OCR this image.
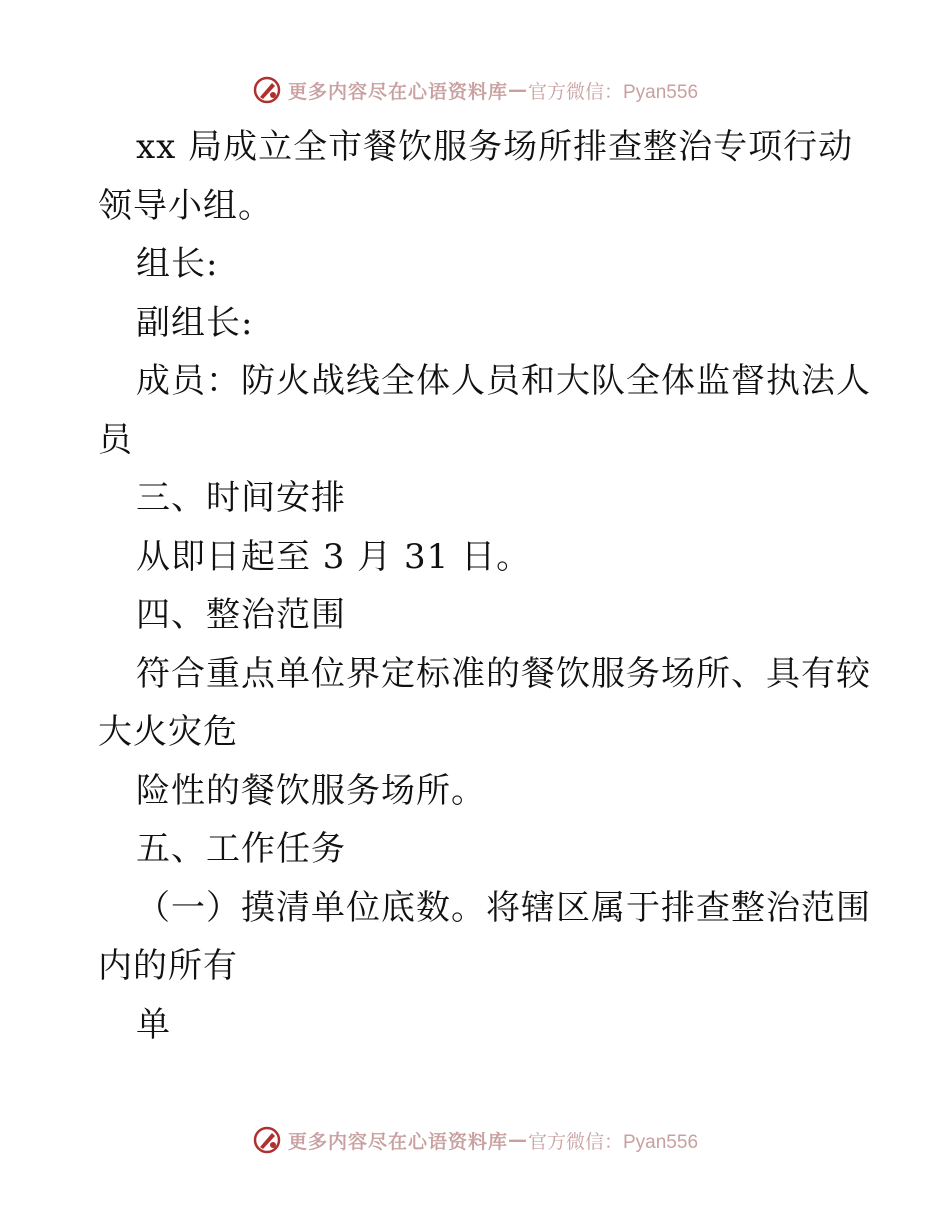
更多内容尽在心语资料库 — 官方微信：Pyan556
xx 局成立全市餐饮服务场所排查整治专项行动
领导小组。
组长:
副组长:
成员：防火战线全体人员和大队全体监督执法人
员
三、时间安排
从即日起至 3 月 31 日。
四、整治范围
符合重点单位界定标准的餐饮服务场所、具有较
大火灾危
险性的餐饮服务场所。
五、工作任务
（一）摸清单位底数。将辖区属于排查整治范围
内的所有
单
更多内容尽在心语资料库 — 官方微信：Pyan556
